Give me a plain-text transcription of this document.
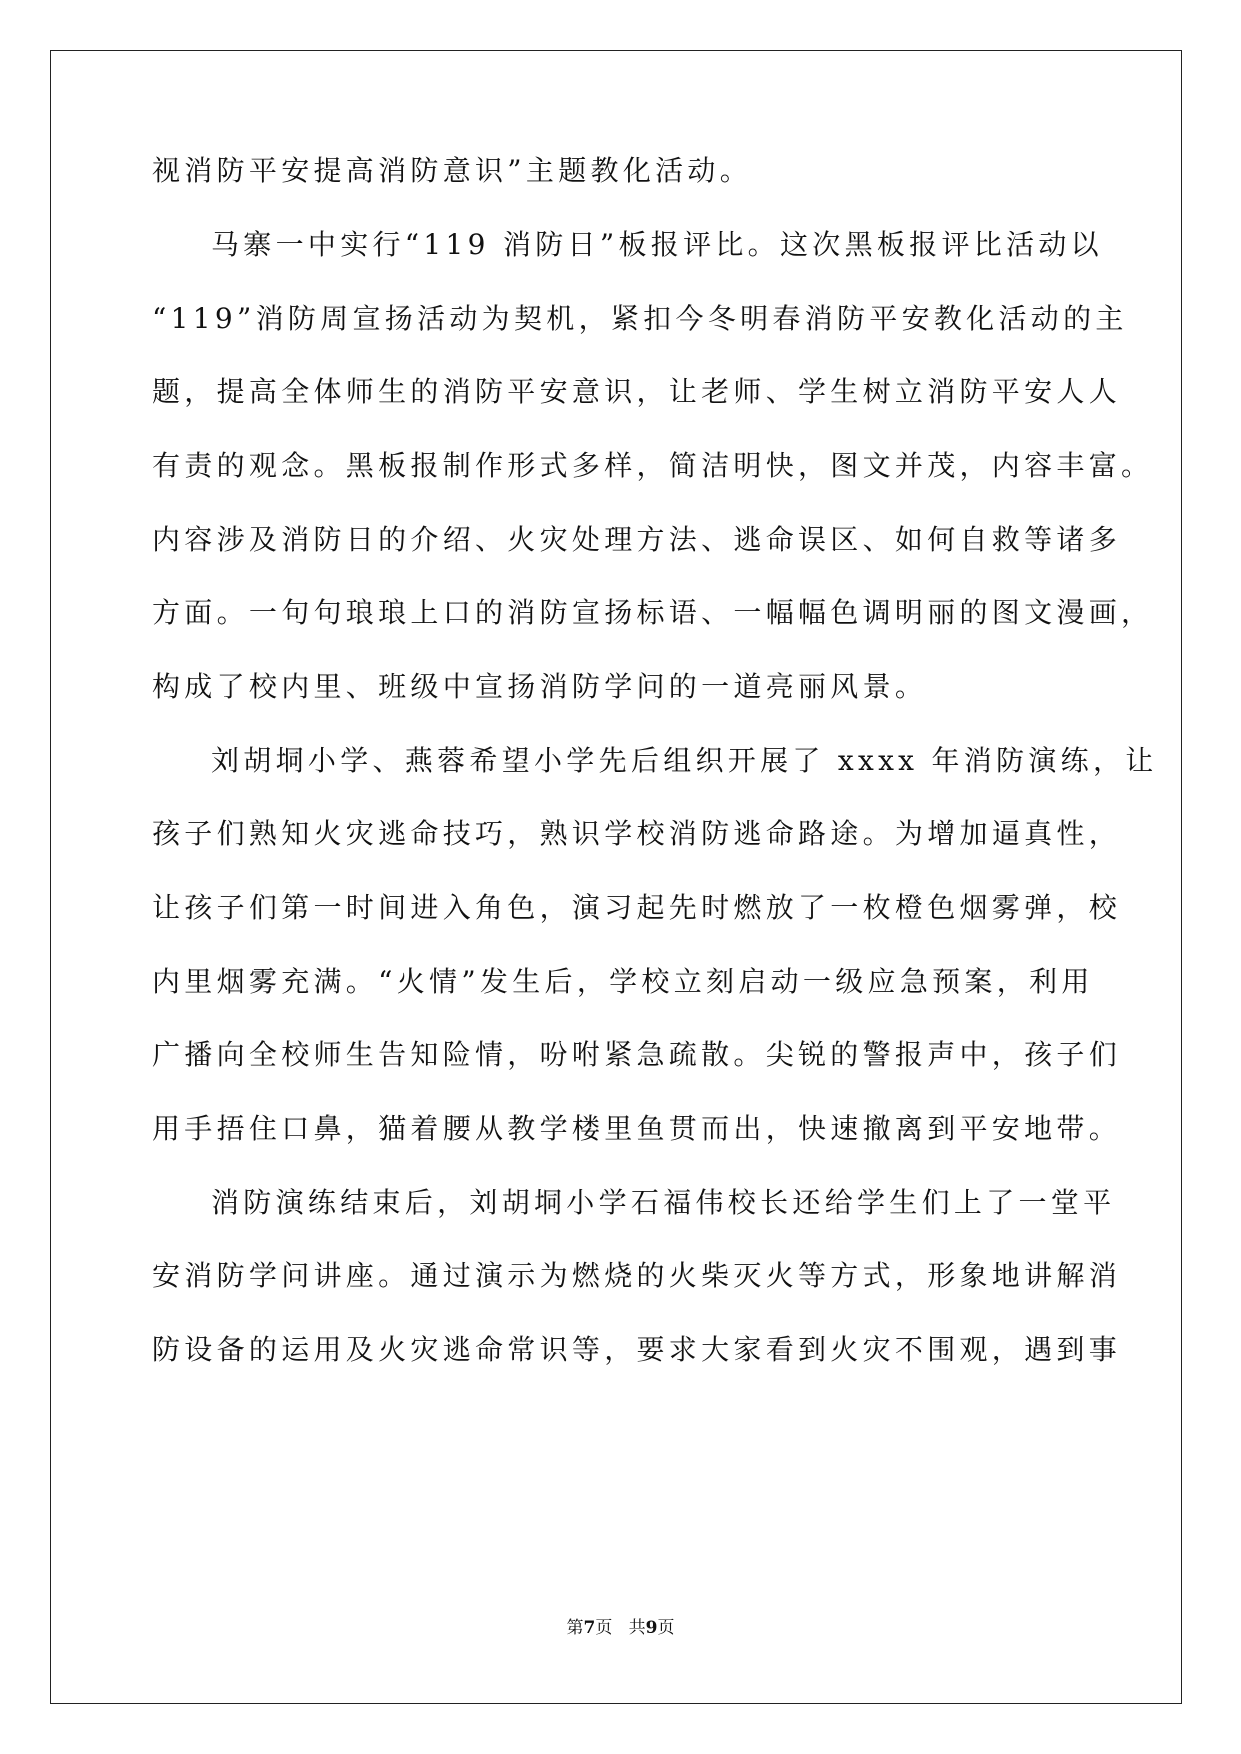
视消防平安提高消防意识”主题教化活动。
马寨一中实行“119 消防日”板报评比。这次黑板报评比活动以
“119”消防周宣扬活动为契机，紧扣今冬明春消防平安教化活动的主
题，提高全体师生的消防平安意识，让老师、学生树立消防平安人人
有责的观念。黑板报制作形式多样，简洁明快，图文并茂，内容丰富。
内容涉及消防日的介绍、火灾处理方法、逃命误区、如何自救等诸多
方面。一句句琅琅上口的消防宣扬标语、一幅幅色调明丽的图文漫画，
构成了校内里、班级中宣扬消防学问的一道亮丽风景。
刘胡垌小学、燕蓉希望小学先后组织开展了 xxxx 年消防演练，让
孩子们熟知火灾逃命技巧，熟识学校消防逃命路途。为增加逼真性，
让孩子们第一时间进入角色，演习起先时燃放了一枚橙色烟雾弹，校
内里烟雾充满。“火情”发生后，学校立刻启动一级应急预案，利用
广播向全校师生告知险情，吩咐紧急疏散。尖锐的警报声中，孩子们
用手捂住口鼻，猫着腰从教学楼里鱼贯而出，快速撤离到平安地带。
消防演练结束后，刘胡垌小学石福伟校长还给学生们上了一堂平
安消防学问讲座。通过演示为燃烧的火柴灭火等方式，形象地讲解消
防设备的运用及火灾逃命常识等，要求大家看到火灾不围观，遇到事
第7页 共9页
